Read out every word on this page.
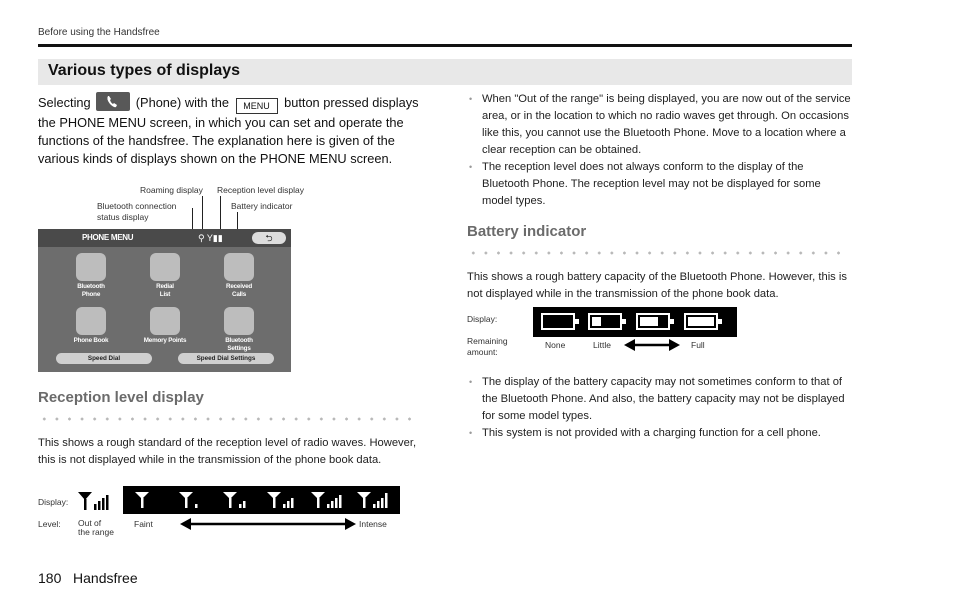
Before using the Handsfree
Various types of displays
Selecting	(Phone) with the MENU button pressed displays the PHONE MENU screen, in which you can set and operate the functions of the handsfree. The explanation here is given of the various kinds of displays shown on the PHONE MENU screen.
Roaming display Reception level display
Bluetooth connection
status display
Battery indicator
PHONE MENU	⚲ Y▮▮	⮌
Bluetooth
Phone
Redial
List
Received
Calls
Phone Book	Memory Points	Bluetooth
Settings
Speed Dial	Speed Dial Settings
Reception level display
This shows a rough standard of the reception level of radio waves. However, this is not displayed while in the transmission of the phone book data.
Display:
Level: Out of
the range
Faint	Intense
• When "Out of the range" is being displayed, you are now out of the service area, or in the location to which no radio waves get through. On occasions like this, you cannot use the Bluetooth Phone. Move to a location where a clear reception can be obtained.
• The reception level does not always conform to the display of the Bluetooth Phone. The reception level may not be displayed for some model types.
Battery indicator
This shows a rough battery capacity of the Bluetooth Phone. However, this is not displayed while in the transmission of the phone book data.
Display:
Remaining
amount:
None	Little	Full
• The display of the battery capacity may not sometimes conform to that of the Bluetooth Phone. And also, the battery capacity may not be displayed for some model types.
• This system is not provided with a charging function for a cell phone.
180 Handsfree
